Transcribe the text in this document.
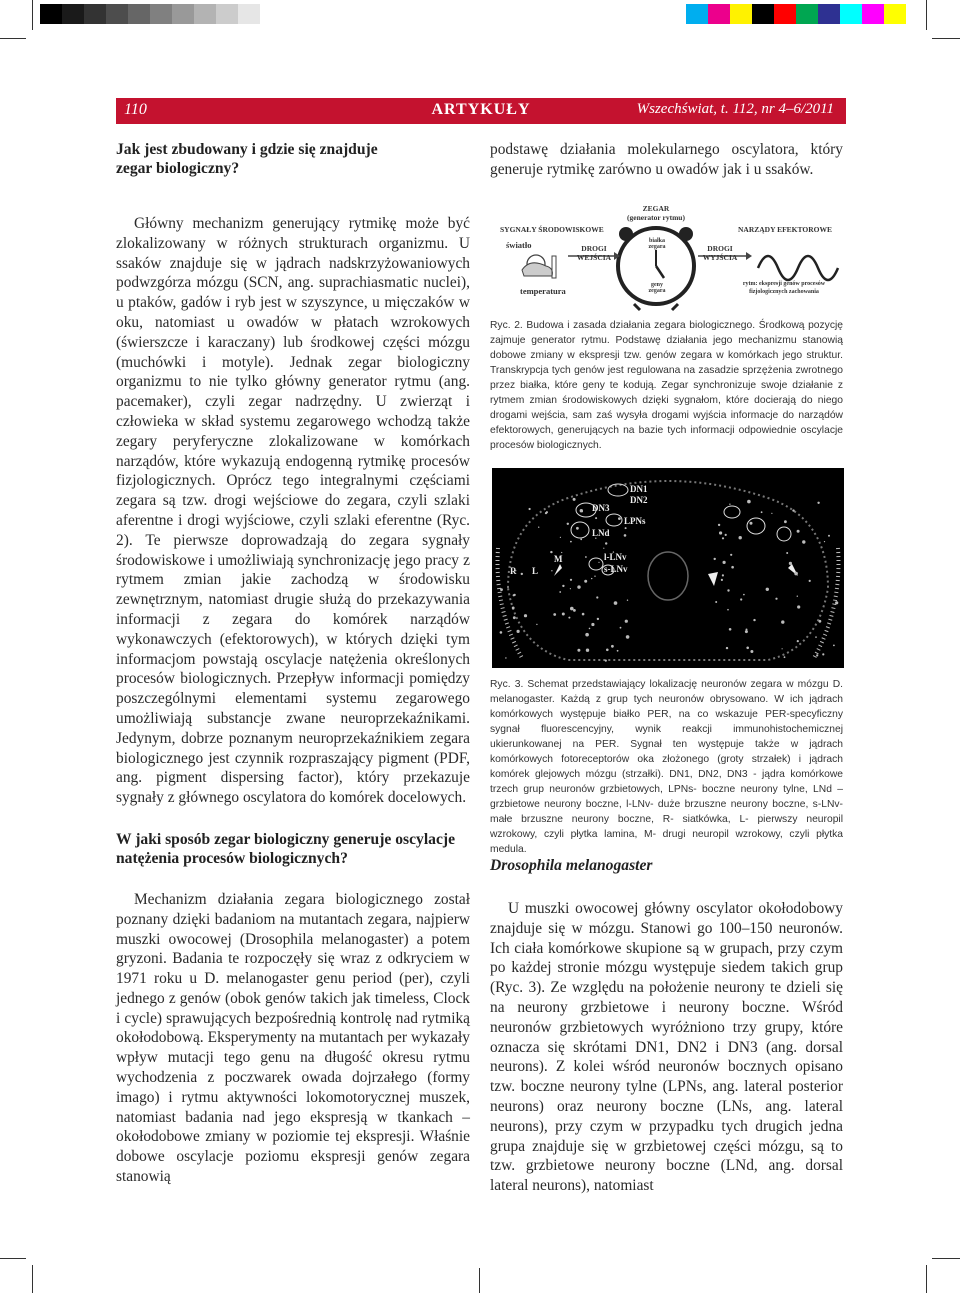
110	ARTYKUŁY	Wszechświat, t. 112, nr 4–6/2011
Jak jest zbudowany i gdzie się znajduje zegar biologiczny?

Główny mechanizm generujący rytmikę może być zlokalizowany w różnych strukturach organizmu. U ssaków znajduje się w jądrach nadskrzyżowaniowych podwzgórza mózgu (SCN, ang. suprachiasmatic nuclei), u ptaków, gadów i ryb jest w szyszynce, u mięczaków w oku, natomiast u owadów w płatach wzrokowych (świerszcze i karaczany) lub środkowej części mózgu (muchówki i motyle). Jednak zegar biologiczny organizmu to nie tylko główny generator rytmu (ang. pacemaker), czyli zegar nadrzędny. U zwierząt i człowieka w skład systemu zegarowego wchodzą także zegary peryferyczne zlokalizowane w komórkach narządów, które wykazują endogenną rytmikę procesów fizjologicznych. Oprócz tego integralnymi częściami zegara są tzw. drogi wejściowe do zegara, czyli szlaki aferentne i drogi wyjściowe, czyli szlaki eferentne (Ryc. 2). Te pierwsze doprowadzają do zegara sygnały środowiskowe i umożliwiają synchronizację jego pracy z rytmem zmian jakie zachodzą w środowisku zewnętrznym, natomiast drugie służą do przekazywania informacji z zegara do komórek narządów wykonawczych (efektorowych), w których dzięki tym informacjom powstają oscylacje natężenia określonych procesów biologicznych. Przepływ informacji pomiędzy poszczególnymi elementami systemu zegarowego umożliwiają substancje zwane neuroprzekaźnikami. Jedynym, dobrze poznanym neuroprzekaźnikiem zegara biologicznego jest czynnik rozpraszający pigment (PDF, ang. pigment dispersing factor), który przekazuje sygnały z głównego oscylatora do komórek docelowych.

W jaki sposób zegar biologiczny generuje oscylacje natężenia procesów biologicznych?

Mechanizm działania zegara biologicznego został poznany dzięki badaniom na mutantach zegara, najpierw muszki owocowej (Drosophila melanogaster) a potem gryzoni. Badania te rozpoczęły się wraz z odkryciem w 1971 roku u D. melanogaster genu period (per), czyli jednego z genów (obok genów takich jak timeless, Clock i cycle) sprawujących bezpośrednią kontrolę nad rytmiką okołodobową. Eksperymenty na mutantach per wykazały wpływ mutacji tego genu na długość okresu rytmu wychodzenia z poczwarek owada dojrzałego (formy imago) i rytmu aktywności lokomotorycznej muszek, natomiast badania nad jego ekspresją w tkankach – okołodobowe zmiany w poziomie tej ekspresji. Właśnie dobowe oscylacje poziomu ekspresji genów zegara stanowią

podstawę działania molekularnego oscylatora, który generuje rytmikę zarówno u owadów jak i u ssaków.

ZEGAR
(generator rytmu)
SYGNAŁY ŚRODOWISKOWE
światło
temperatura
DROGI WEJŚCIA
białka zegara
geny zegara
DROGI WYJŚCIA
NARZĄDY EFEKTOROWE
rytm: ekspresji genów procesów fizjologicznych zachowania
Ryc. 2. Budowa i zasada działania zegara biologicznego. Środkową pozycję zajmuje generator rytmu. Podstawę działania jego mechanizmu stanowią dobowe zmiany w ekspresji tzw. genów zegara w komórkach jego struktur. Transkrypcja tych genów jest regulowana na zasadzie sprzężenia zwrotnego przez białka, które geny te kodują. Zegar synchronizuje swoje działanie z rytmem zmian środowiskowych dzięki sygnałom, które docierają do niego drogami wejścia, sam zaś wysyła drogami wyjścia informacje do narządów efektorowych, generujących na bazie tych informacji odpowiednie oscylacje procesów biologicznych.
DN1
DN2
DN3
LNd
LPNs
l-LNv
s-LNv
R L
M
Ryc. 3. Schemat przedstawiający lokalizację neuronów zegara w mózgu D. melanogaster. Każdą z grup tych neuronów obrysowano. W ich jądrach komórkowych występuje białko PER, na co wskazuje PER-specyficzny sygnał fluorescencyjny, wynik reakcji immunohistochemicznej ukierunkowanej na PER. Sygnał ten występuje także w jądrach komórkowych fotoreceptorów oka złożonego (groty strzałek) i jądrach komórek glejowych mózgu (strzałki). DN1, DN2, DN3 - jądra komórkowe trzech grup neuronów grzbietowych, LPNs- boczne neurony tylne, LNd – grzbietowe neurony boczne, l-LNv- duże brzuszne neurony boczne, s-LNv- małe brzuszne neurony boczne, R- siatkówka, L- pierwszy neuropil wzrokowy, czyli płytka lamina, M- drugi neuropil wzrokowy, czyli płytka medula.
Drosophila melanogaster

U muszki owocowej główny oscylator okołodobowy znajduje się w mózgu. Stanowi go 100–150 neuronów. Ich ciała komórkowe skupione są w grupach, przy czym po każdej stronie mózgu występuje siedem takich grup (Ryc. 3). Ze względu na położenie neurony te dzieli się na neurony grzbietowe i neurony boczne. Wśród neuronów grzbietowych wyróżniono trzy grupy, które oznacza się skrótami DN1, DN2 i DN3 (ang. dorsal neurons). Z kolei wśród neuronów bocznych opisano tzw. boczne neurony tylne (LPNs, ang. lateral posterior neurons) oraz neurony boczne (LNs, ang. lateral neurons), przy czym w przypadku tych drugich jedna grupa znajduje się w grzbietowej części mózgu, są to tzw. grzbietowe neurony boczne (LNd, ang. dorsal lateral neurons), natomiast
